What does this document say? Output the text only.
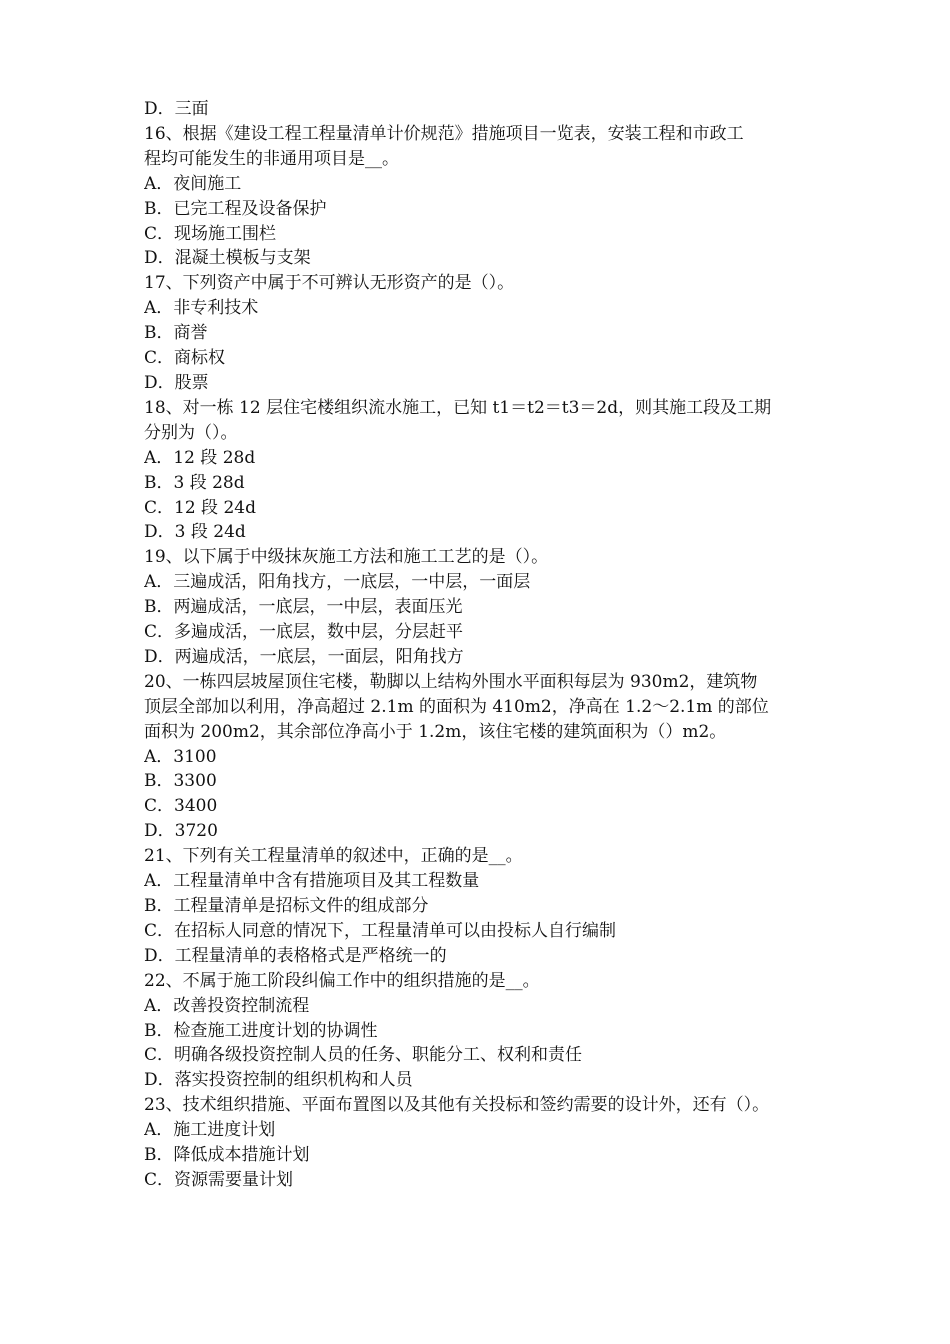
D．三面

16、根据《建设工程工程量清单计价规范》措施项目一览表，安装工程和市政工

程均可能发生的非通用项目是__。

A．夜间施工

B．已完工程及设备保护

C．现场施工围栏

D．混凝土模板与支架

17、下列资产中属于不可辨认无形资产的是（）。

A．非专利技术

B．商誉

C．商标权

D．股票

18、对一栋 12 层住宅楼组织流水施工，已知 t1＝t2＝t3＝2d，则其施工段及工期

分别为（）。

A．12 段 28d

B．3 段 28d

C．12 段 24d

D．3 段 24d

19、以下属于中级抹灰施工方法和施工工艺的是（）。

A．三遍成活，阳角找方，一底层，一中层，一面层

B．两遍成活，一底层，一中层，表面压光

C．多遍成活，一底层，数中层，分层赶平

D．两遍成活，一底层，一面层，阳角找方

20、一栋四层坡屋顶住宅楼，勒脚以上结构外围水平面积每层为 930m2，建筑物

顶层全部加以利用，净高超过 2.1m 的面积为 410m2，净高在 1.2～2.1m 的部位

面积为 200m2，其余部位净高小于 1.2m，该住宅楼的建筑面积为（）m2。

A．3100

B．3300

C．3400

D．3720

21、下列有关工程量清单的叙述中，正确的是__。

A．工程量清单中含有措施项目及其工程数量

B．工程量清单是招标文件的组成部分

C．在招标人同意的情况下，工程量清单可以由投标人自行编制

D．工程量清单的表格格式是严格统一的

22、不属于施工阶段纠偏工作中的组织措施的是__。

A．改善投资控制流程

B．检查施工进度计划的协调性

C．明确各级投资控制人员的任务、职能分工、权利和责任

D．落实投资控制的组织机构和人员

23、技术组织措施、平面布置图以及其他有关投标和签约需要的设计外，还有（）。

A．施工进度计划

B．降低成本措施计划

C．资源需要量计划
